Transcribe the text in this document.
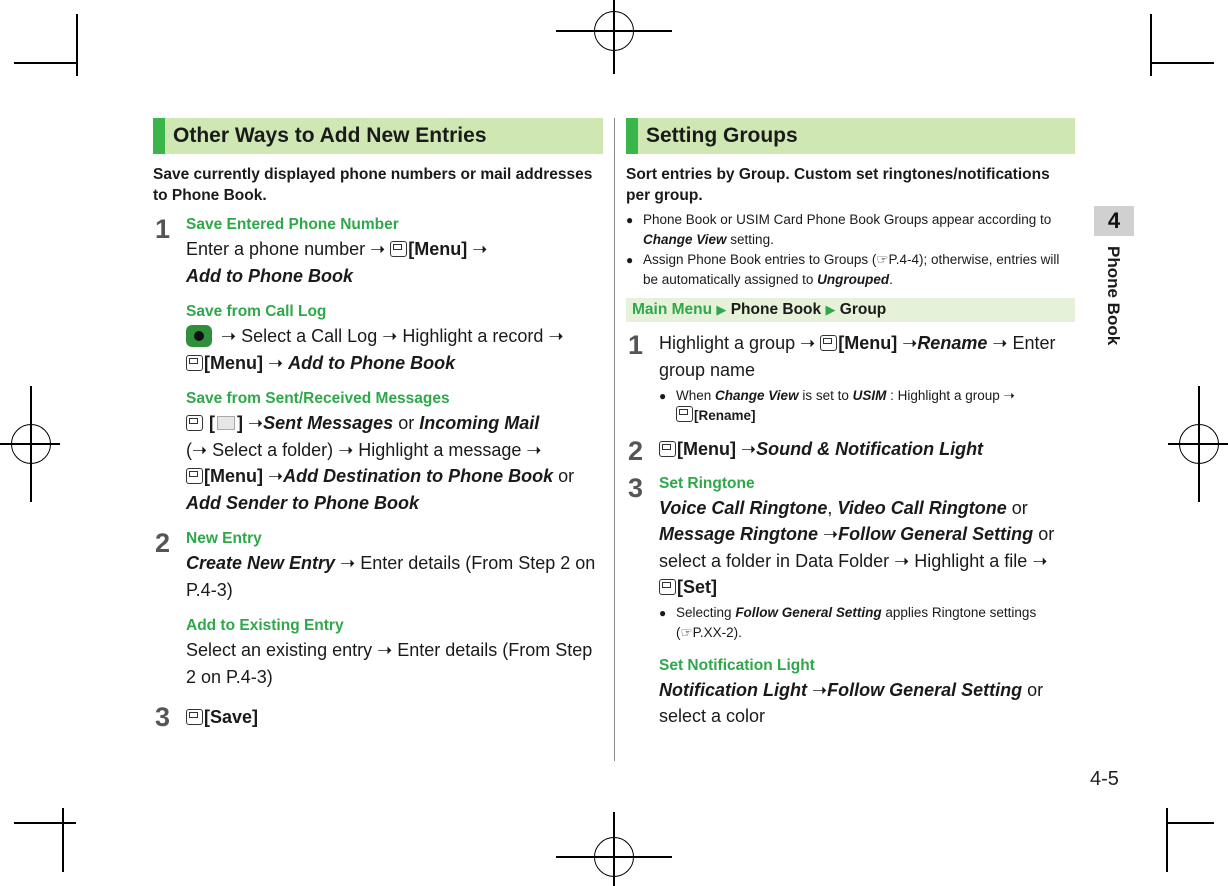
4
Phone Book
Other Ways to Add New Entries
Save currently displayed phone numbers or mail addresses to Phone Book.
1 Save Entered Phone Number
Enter a phone number ➝ [Menu] ➝
Add to Phone Book
Save from Call Log
➝ Select a Call Log ➝ Highlight a record ➝
[Menu] ➝ Add to Phone Book
Save from Sent/Received Messages
[ ] ➝Sent Messages or Incoming Mail
(➝ Select a folder) ➝ Highlight a message ➝
[Menu] ➝Add Destination to Phone Book or
Add Sender to Phone Book
2 New Entry
Create New Entry ➝ Enter details (From Step 2 on P.4-3)
Add to Existing Entry
Select an existing entry ➝ Enter details (From Step 2 on P.4-3)
3	[Save]
Setting Groups
Sort entries by Group. Custom set ringtones/notifications per group.
● Phone Book or USIM Card Phone Book Groups appear according to Change View setting.
● Assign Phone Book entries to Groups (☞P.4-4); otherwise, entries will be automatically assigned to Ungrouped.
Main Menu ▶ Phone Book ▶ Group
1 Highlight a group ➝ [Menu] ➝Rename ➝ Enter group name
● When Change View is set to USIM : Highlight a group ➝
[Rename]
2	[Menu] ➝Sound & Notification Light
3 Set Ringtone
Voice Call Ringtone, Video Call Ringtone or
Message Ringtone ➝Follow General Setting or
select a folder in Data Folder ➝ Highlight a file ➝
[Set]
● Selecting Follow General Setting applies Ringtone settings
(☞P.XX-2).
Set Notification Light
Notification Light ➝Follow General Setting or
select a color
4-5
